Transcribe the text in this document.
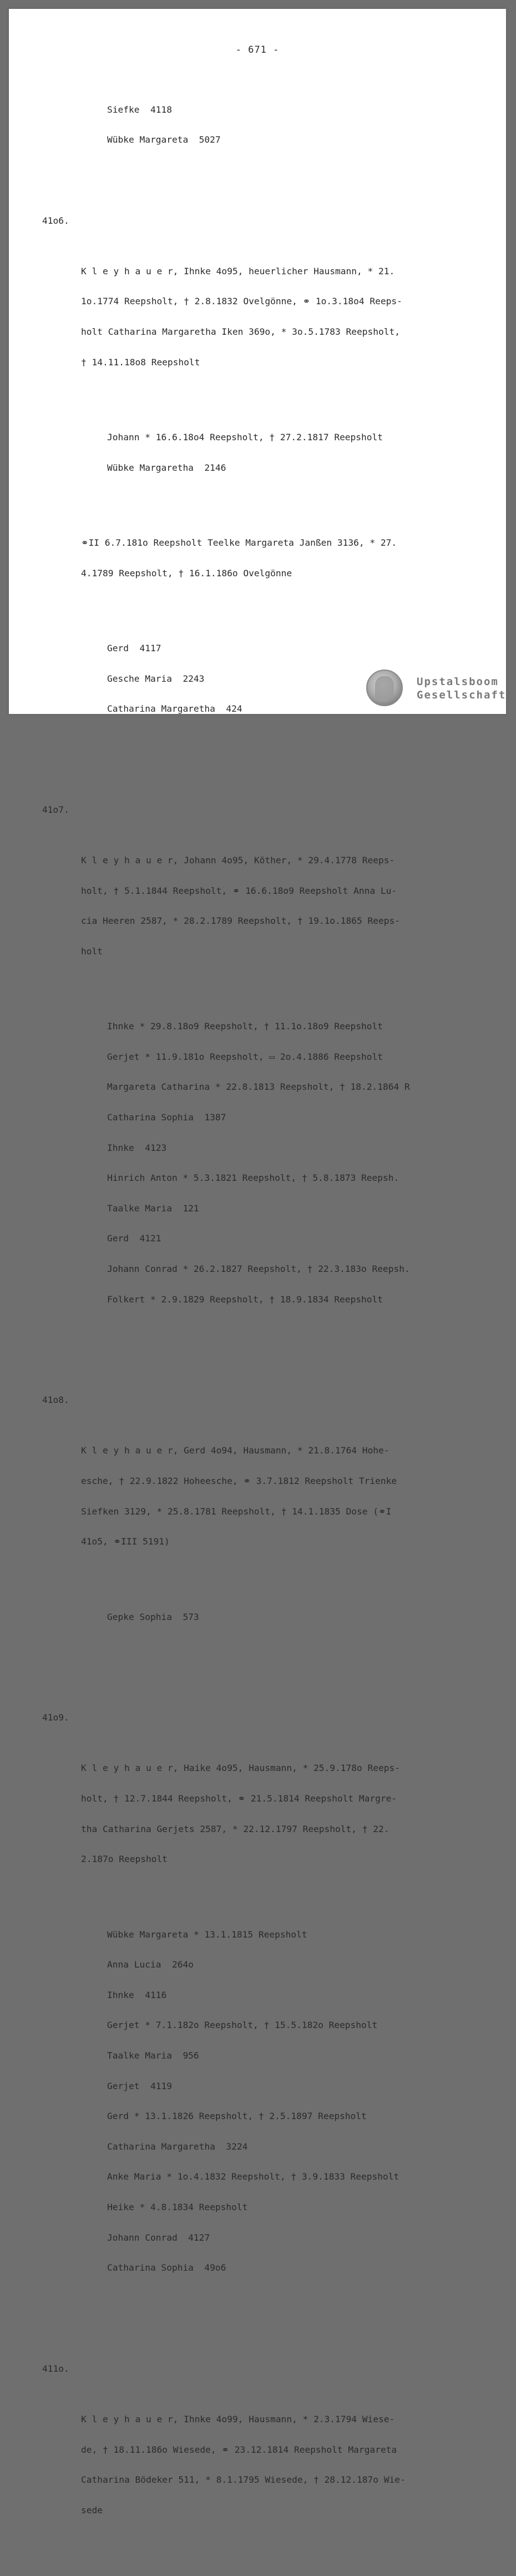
- 671 -

Siefke  4118

Wübke Margareta  5027

41o6.

K l e y h a u e r, Ihnke 4o95, heuerlicher Hausmann, * 21.

1o.1774 Reepsholt, † 2.8.1832 Ovelgönne, ⚭ 1o.3.18o4 Reeps-

holt Catharina Margaretha Iken 369o, * 3o.5.1783 Reepsholt,

† 14.11.18o8 Reepsholt

Johann * 16.6.18o4 Reepsholt, † 27.2.1817 Reepsholt

Wübke Margaretha  2146

⚭II 6.7.181o Reepsholt Teelke Margareta Janßen 3136, * 27.

4.1789 Reepsholt, † 16.1.186o Ovelgönne

Gerd  4117

Gesche Maria  2243

Catharina Margaretha  424

41o7.

K l e y h a u e r, Johann 4o95, Köther, * 29.4.1778 Reeps-

holt, † 5.1.1844 Reepsholt, ⚭ 16.6.18o9 Reepsholt Anna Lu-

cia Heeren 2587, * 28.2.1789 Reepsholt, † 19.1o.1865 Reeps-

holt

Ihnke * 29.8.18o9 Reepsholt, † 11.1o.18o9 Reepsholt

Gerjet * 11.9.181o Reepsholt, ▭ 2o.4.1886 Reepsholt

Margareta Catharina * 22.8.1813 Reepsholt, † 18.2.1864 R

Catharina Sophia  1387

Ihnke  4123

Hinrich Anton * 5.3.1821 Reepsholt, † 5.8.1873 Reepsh.

Taalke Maria  121

Gerd  4121

Johann Conrad * 26.2.1827 Reepsholt, † 22.3.183o Reepsh.

Folkert * 2.9.1829 Reepsholt, † 18.9.1834 Reepsholt

41o8.

K l e y h a u e r, Gerd 4o94, Hausmann, * 21.8.1764 Hohe-

esche, † 22.9.1822 Hoheesche, ⚭ 3.7.1812 Reepsholt Trienke

Siefken 3129, * 25.8.1781 Reepsholt, † 14.1.1835 Dose (⚭I

41o5, ⚭III 5191)

Gepke Sophia  573

41o9.

K l e y h a u e r, Haike 4o95, Hausmann, * 25.9.178o Reeps-

holt, † 12.7.1844 Reepsholt, ⚭ 21.5.1814 Reepsholt Margre-

tha Catharina Gerjets 2587, * 22.12.1797 Reepsholt, † 22.

2.187o Reepsholt

Wübke Margareta * 13.1.1815 Reepsholt

Anna Lucia  264o

Ihnke  4116

Gerjet * 7.1.182o Reepsholt, † 15.5.182o Reepsholt

Taalke Maria  956

Gerjet  4119

Gerd * 13.1.1826 Reepsholt, † 2.5.1897 Reepsholt

Catharina Margaretha  3224

Anke Maria * 1o.4.1832 Reepsholt, † 3.9.1833 Reepsholt

Heike * 4.8.1834 Reepsholt

Johann Conrad  4127

Catharina Sophia  49o6

411o.

K l e y h a u e r, Ihnke 4o99, Hausmann, * 2.3.1794 Wiese-

de, † 18.11.186o Wiesede, ⚭ 23.12.1814 Reepsholt Margareta

Catharina Bödeker 511, * 8.1.1795 Wiesede, † 28.12.187o Wie-

sede

Upstalsboom
Gesellschaft
